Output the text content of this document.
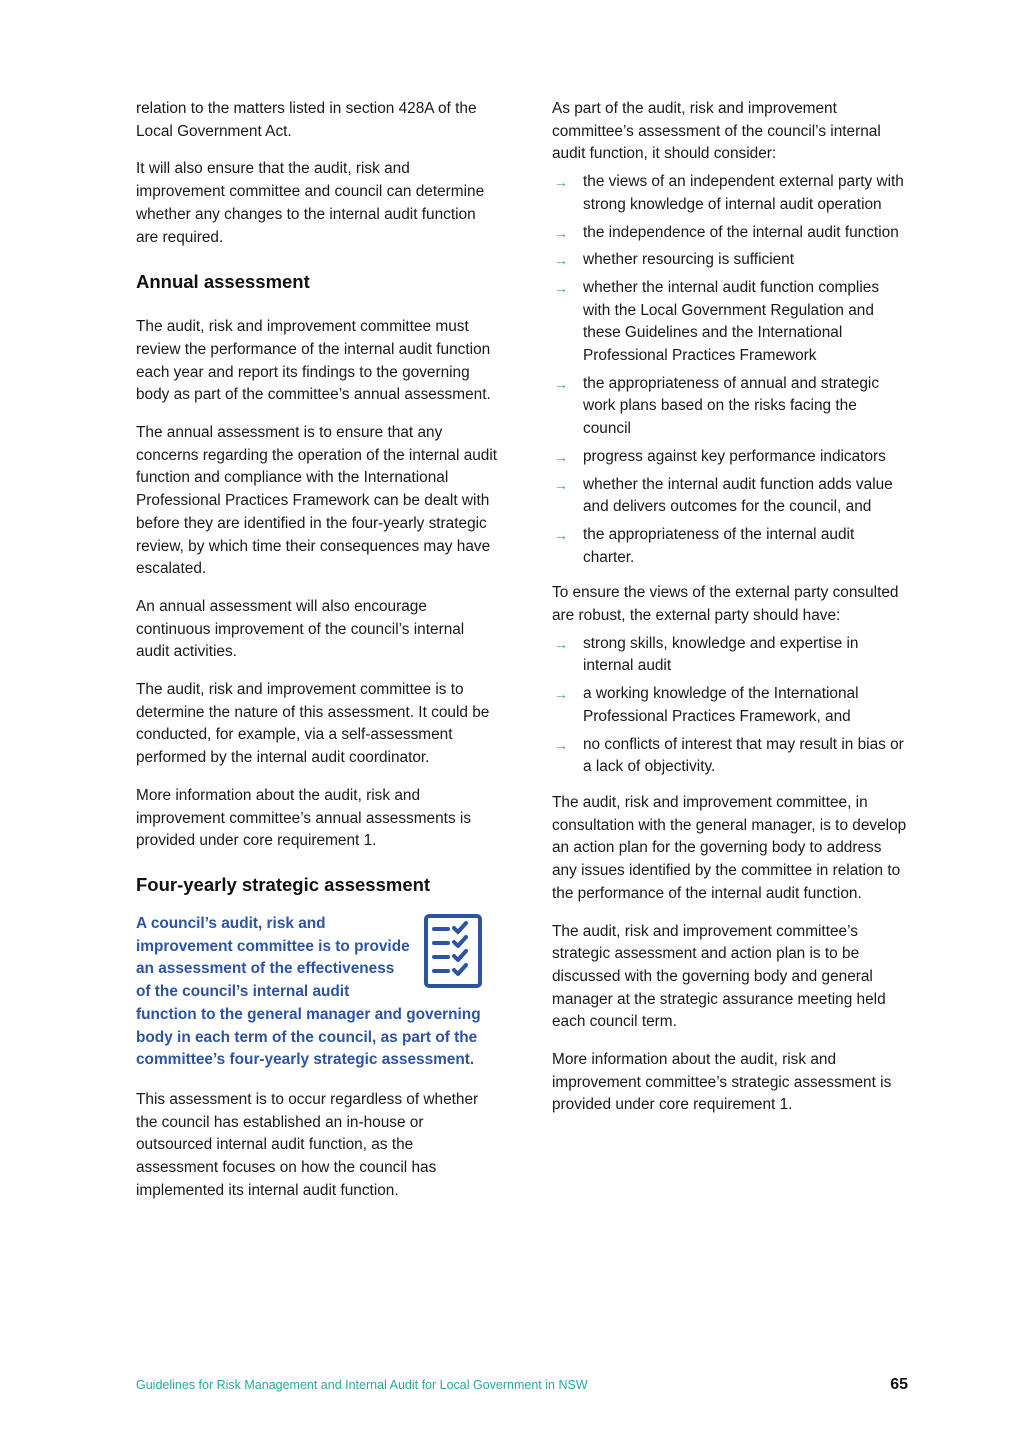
relation to the matters listed in section 428A of the Local Government Act.

It will also ensure that the audit, risk and improvement committee and council can determine whether any changes to the internal audit function are required.

Annual assessment

The audit, risk and improvement committee must review the performance of the internal audit function each year and report its findings to the governing body as part of the committee’s annual assessment.

The annual assessment is to ensure that any concerns regarding the operation of the internal audit function and compliance with the International Professional Practices Framework can be dealt with before they are identified in the four-yearly strategic review, by which time their consequences may have escalated.

An annual assessment will also encourage continuous improvement of the council’s internal audit activities.

The audit, risk and improvement committee is to determine the nature of this assessment. It could be conducted, for example, via a self-assessment performed by the internal audit coordinator.

More information about the audit, risk and improvement committee’s annual assessments is provided under core requirement 1.

Four-yearly strategic assessment

A council’s audit, risk and improvement committee is to provide an assessment of the effectiveness of the council’s internal audit function to the general manager and governing body in each term of the council, as part of the committee’s four-yearly strategic assessment.

This assessment is to occur regardless of whether the council has established an in-house or outsourced internal audit function, as the assessment focuses on how the council has implemented its internal audit function.

As part of the audit, risk and improvement committee’s assessment of the council’s internal audit function, it should consider:

→ the views of an independent external party with strong knowledge of internal audit operation
→ the independence of the internal audit function
→ whether resourcing is sufficient
→ whether the internal audit function complies with the Local Government Regulation and these Guidelines and the International Professional Practices Framework
→ the appropriateness of annual and strategic work plans based on the risks facing the council
→ progress against key performance indicators
→ whether the internal audit function adds value and delivers outcomes for the council, and
→ the appropriateness of the internal audit charter.

To ensure the views of the external party consulted are robust, the external party should have:

→ strong skills, knowledge and expertise in internal audit
→ a working knowledge of the International Professional Practices Framework, and
→ no conflicts of interest that may result in bias or a lack of objectivity.

The audit, risk and improvement committee, in consultation with the general manager, is to develop an action plan for the governing body to address any issues identified by the committee in relation to the performance of the internal audit function.

The audit, risk and improvement committee’s strategic assessment and action plan is to be discussed with the governing body and general manager at the strategic assurance meeting held each council term.

More information about the audit, risk and improvement committee’s strategic assessment is provided under core requirement 1.

Guidelines for Risk Management and Internal Audit for Local Government in NSW	65
